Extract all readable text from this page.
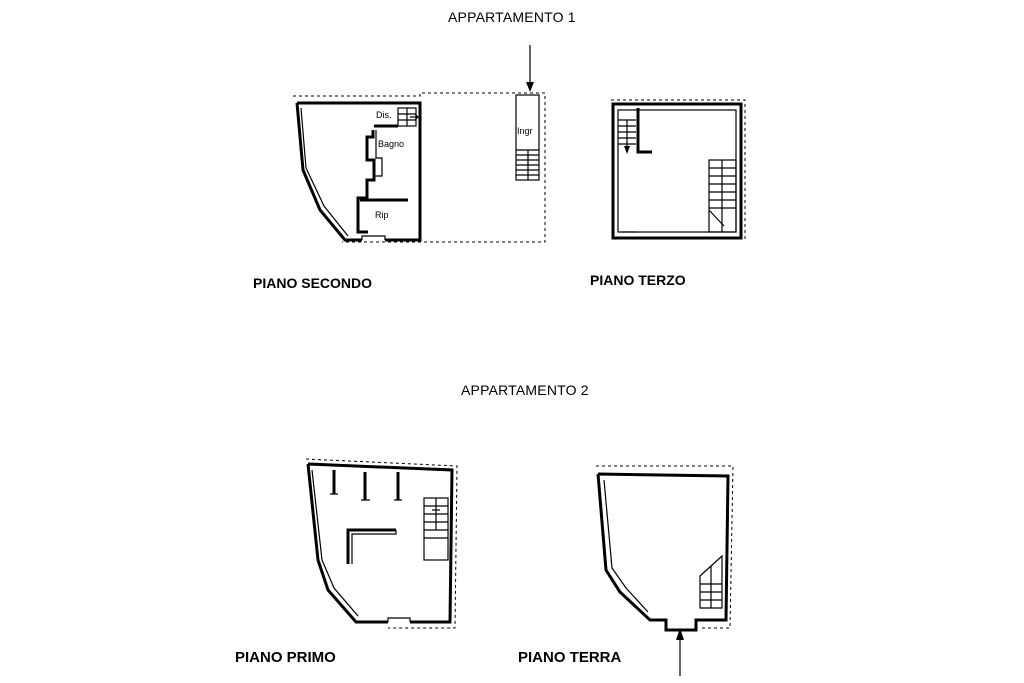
APPARTAMENTO 1
APPARTAMENTO 2
PIANO SECONDO	PIANO TERZO
PIANO PRIMO	PIANO TERRA
Dis.
Bagno
Rip
Ingr
